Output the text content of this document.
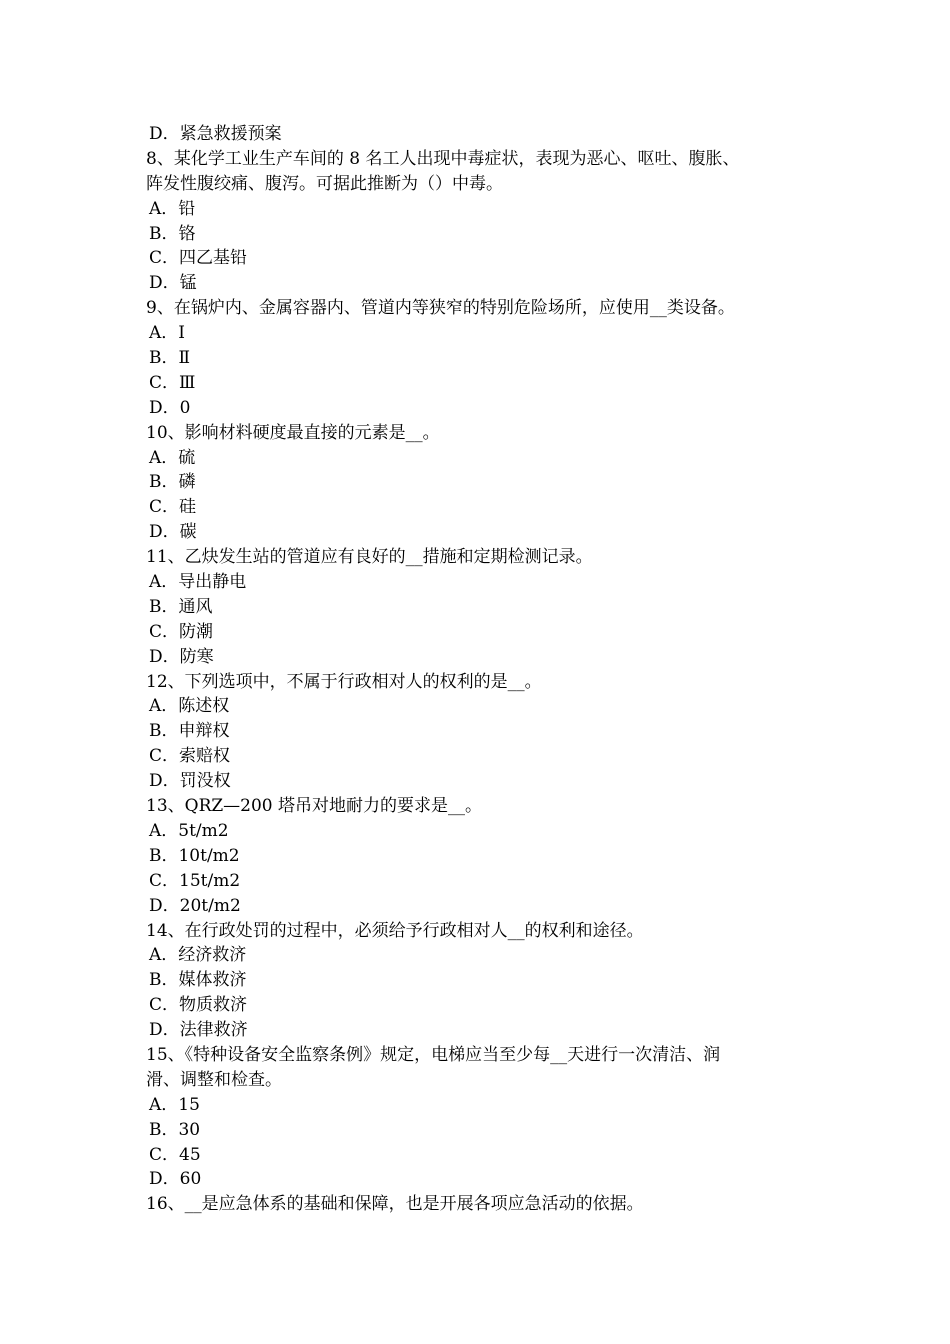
D．紧急救援预案
8、某化学工业生产车间的 8 名工人出现中毒症状，表现为恶心、呕吐、腹胀、
阵发性腹绞痛、腹泻。可据此推断为（）中毒。
A．铅
B．铬
C．四乙基铅
D．锰
9、在锅炉内、金属容器内、管道内等狭窄的特别危险场所，应使用__类设备。
A．Ⅰ
B．Ⅱ
C．Ⅲ
D．0
10、影响材料硬度最直接的元素是__。
A．硫
B．磷
C．硅
D．碳
11、乙炔发生站的管道应有良好的__措施和定期检测记录。
A．导出静电
B．通风
C．防潮
D．防寒
12、下列选项中，不属于行政相对人的权利的是__。
A．陈述权
B．申辩权
C．索赔权
D．罚没权
13、QRZ—200 塔吊对地耐力的要求是__。
A．5t/m2
B．10t/m2
C．15t/m2
D．20t/m2
14、在行政处罚的过程中，必须给予行政相对人__的权利和途径。
A．经济救济
B．媒体救济
C．物质救济
D．法律救济
15、《特种设备安全监察条例》规定，电梯应当至少每__天进行一次清洁、润
滑、调整和检查。
A．15
B．30
C．45
D．60
16、__是应急体系的基础和保障，也是开展各项应急活动的依据。
